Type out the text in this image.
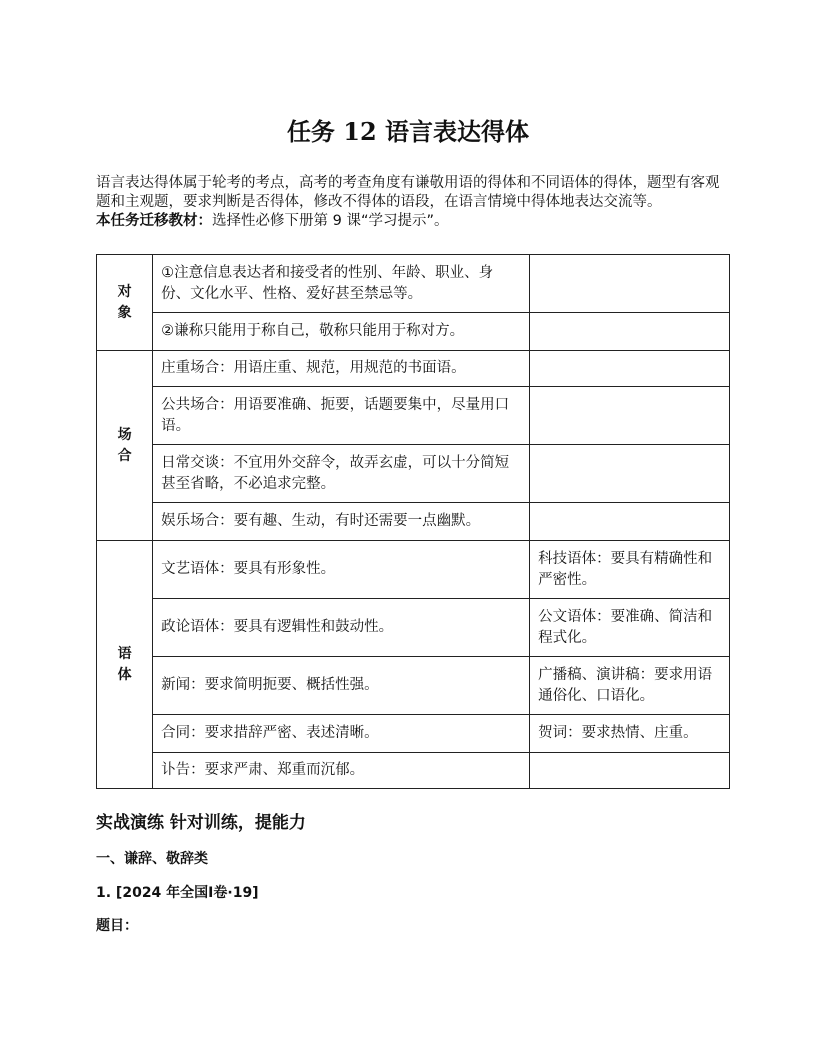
任务 12 语言表达得体
语言表达得体属于轮考的考点，高考的考查角度有谦敬用语的得体和不同语体的得体，题型有客观题和主观题，要求判断是否得体，修改不得体的语段，在语言情境中得体地表达交流等。
本任务迁移教材：选择性必修下册第 9 课“学习提示”。
对
象	①注意信息表达者和接受者的性别、年龄、职业、身份、文化水平、性格、爱好甚至禁忌等。	
	②谦称只能用于称自己，敬称只能用于称对方。	

场
合	庄重场合：用语庄重、规范，用规范的书面语。	
	公共场合：用语要准确、扼要，话题要集中，尽量用口语。	
	日常交谈：不宜用外交辞令，故弄玄虚，可以十分简短甚至省略，不必追求完整。	
	娱乐场合：要有趣、生动，有时还需要一点幽默。	

语
体	文艺语体：要具有形象性。	科技语体：要具有精确性和严密性。
	政论语体：要具有逻辑性和鼓动性。	公文语体：要准确、简洁和程式化。
	新闻：要求简明扼要、概括性强。	广播稿、演讲稿：要求用语通俗化、口语化。
	合同：要求措辞严密、表述清晰。	贺词：要求热情、庄重。
	讣告：要求严肃、郑重而沉郁。	
实战演练 针对训练，提能力
一、谦辞、敬辞类
1. [2024 年全国Ⅰ卷·19]
题目：
